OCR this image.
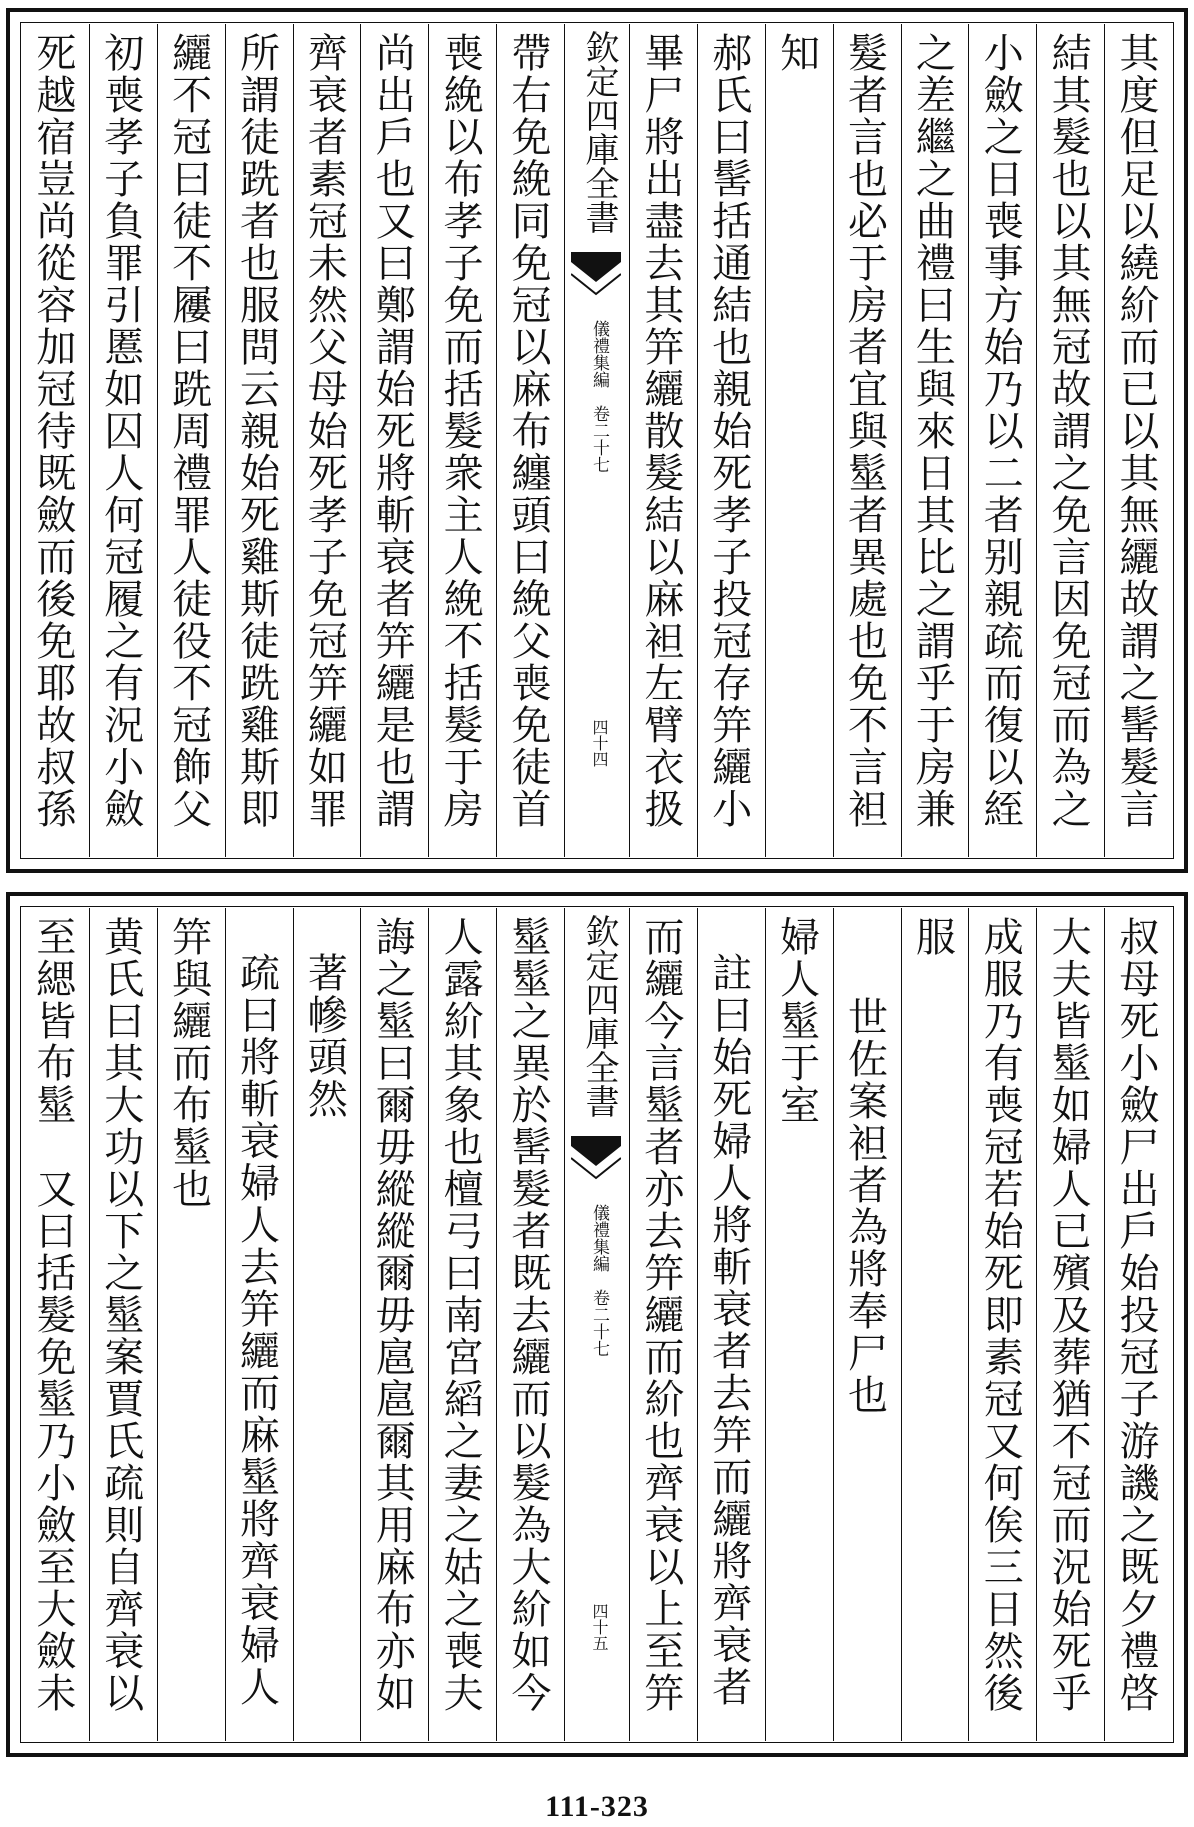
其度但足以繞紒而已以其無纚故謂之髺髮言
結其髮也以其無冠故謂之免言因免冠而為之
小斂之日喪事方始乃以二者别親疏而復以絰
之差繼之曲禮曰生與來日其比之謂乎于房兼
髮者言也必于房者宜與髽者異處也免不言袒
知
郝氏曰髺括通結也親始死孝子投冠存笄纚小
畢尸將出盡去其笄纚散髮結以麻袒左臂衣扱
欽定四庫全書
儀禮集編　卷二十七
四十四
帶右免絻同免冠以麻布纏頭曰絻父喪免徒首
喪絻以布孝子免而括髮衆主人絻不括髮于房
尚出戶也又曰鄭謂始死將斬衰者笄纚是也謂
齊衰者素冠未然父母始死孝子免冠笄纚如罪
所謂徒跣者也服問云親始死雞斯徒跣雞斯即
纚不冠曰徒不屨曰跣周禮罪人徒役不冠飾父
初喪孝子負罪引慝如囚人何冠履之有況小斂
死越宿豈尚從容加冠待既斂而後免耶故叔孫
叔母死小斂尸出戶始投冠子游譏之既夕禮啓
大夫皆髽如婦人已殯及葬猶不冠而況始死乎
成服乃有喪冠若始死即素冠又何俟三日然後
服
世佐案袒者為將奉尸也
婦人髽于室
註曰始死婦人將斬衰者去笄而纚將齊衰者
而纚今言髽者亦去笄纚而紒也齊衰以上至笄
欽定四庫全書
儀禮集編　卷二十七
四十五
髽髽之異於髺髮者既去纚而以髮為大紒如今
人露紒其象也檀弓曰南宮縚之妻之姑之喪夫
誨之髽曰爾毋縱縱爾毋扈扈爾其用麻布亦如
著幓頭然
疏曰將斬衰婦人去笄纚而麻髽將齊衰婦人
笄與纚而布髽也
黄氏曰其大功以下之髽案賈氏疏則自齊衰以
至緦皆布髽　又曰括髮免髽乃小斂至大斂未
111-323
